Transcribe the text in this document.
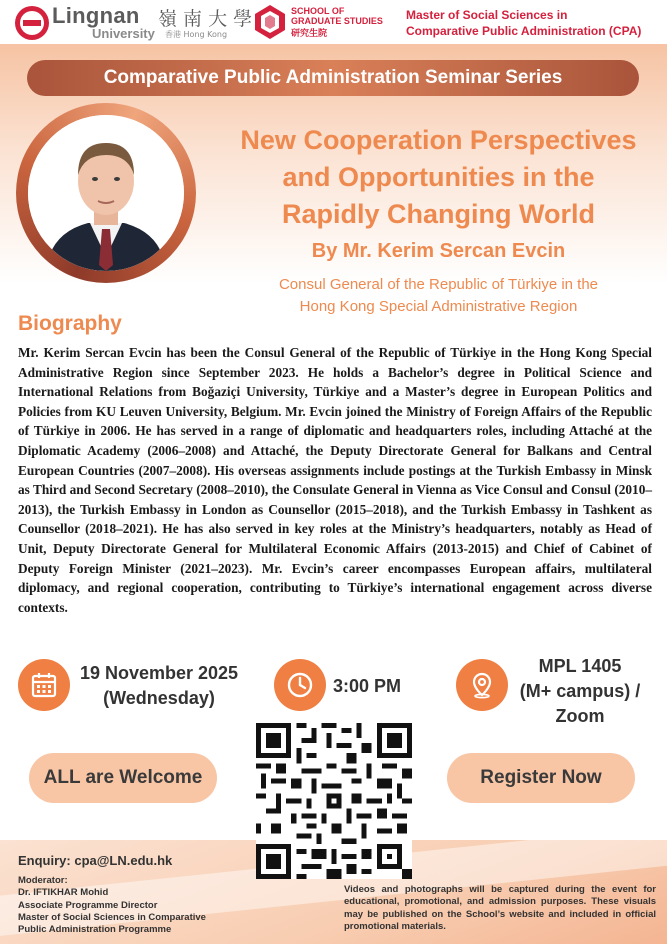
Lingnan 嶺 南 大 學
University 香港 Hong Kong
SCHOOL OF
GRADUATE STUDIES
研究生院
Master of Social Sciences in
Comparative Public Administration (CPA)
Comparative Public Administration Seminar Series
New Cooperation Perspectives
and Opportunities in the
Rapidly Changing World
By Mr. Kerim Sercan Evcin
Consul General of the Republic of Türkiye in the
Hong Kong Special Administrative Region
Biography
Mr. Kerim Sercan Evcin has been the Consul General of the Republic of Türkiye in the Hong Kong Special Administrative Region since September 2023. He holds a Bachelor’s degree in Political Science and International Relations from Boğaziçi University, Türkiye and a Master’s degree in European Politics and Policies from KU Leuven University, Belgium. Mr. Evcin joined the Ministry of Foreign Affairs of the Republic of Türkiye in 2006. He has served in a range of diplomatic and headquarters roles, including Attaché at the Diplomatic Academy (2006–2008) and Attaché, the Deputy Directorate General for Balkans and Central European Countries (2007–2008). His overseas assignments include postings at the Turkish Embassy in Minsk as Third and Second Secretary (2008–2010), the Consulate General in Vienna as Vice Consul and Consul (2010–2013), the Turkish Embassy in London as Counsellor (2015–2018), and the Turkish Embassy in Tashkent as Counsellor (2018–2021). He has also served in key roles at the Ministry’s headquarters, notably as Head of Unit, Deputy Directorate General for Multilateral Economic Affairs (2013-2015) and Chief of Cabinet of Deputy Foreign Minister (2021–2023). Mr. Evcin’s career encompasses European affairs, multilateral diplomacy, and regional cooperation, contributing to Türkiye’s international engagement across diverse contexts.
19 November 2025
(Wednesday)
3:00 PM
MPL 1405
(M+ campus) /
Zoom
ALL are Welcome	Register Now
Enquiry: cpa@LN.edu.hk
Moderator:
Dr. IFTIKHAR Mohid
Associate Programme Director
Master of Social Sciences in Comparative
Public Administration Programme
Videos and photographs will be captured during the event for educational, promotional, and admission purposes. These visuals may be published on the School’s website and included in official promotional materials.
